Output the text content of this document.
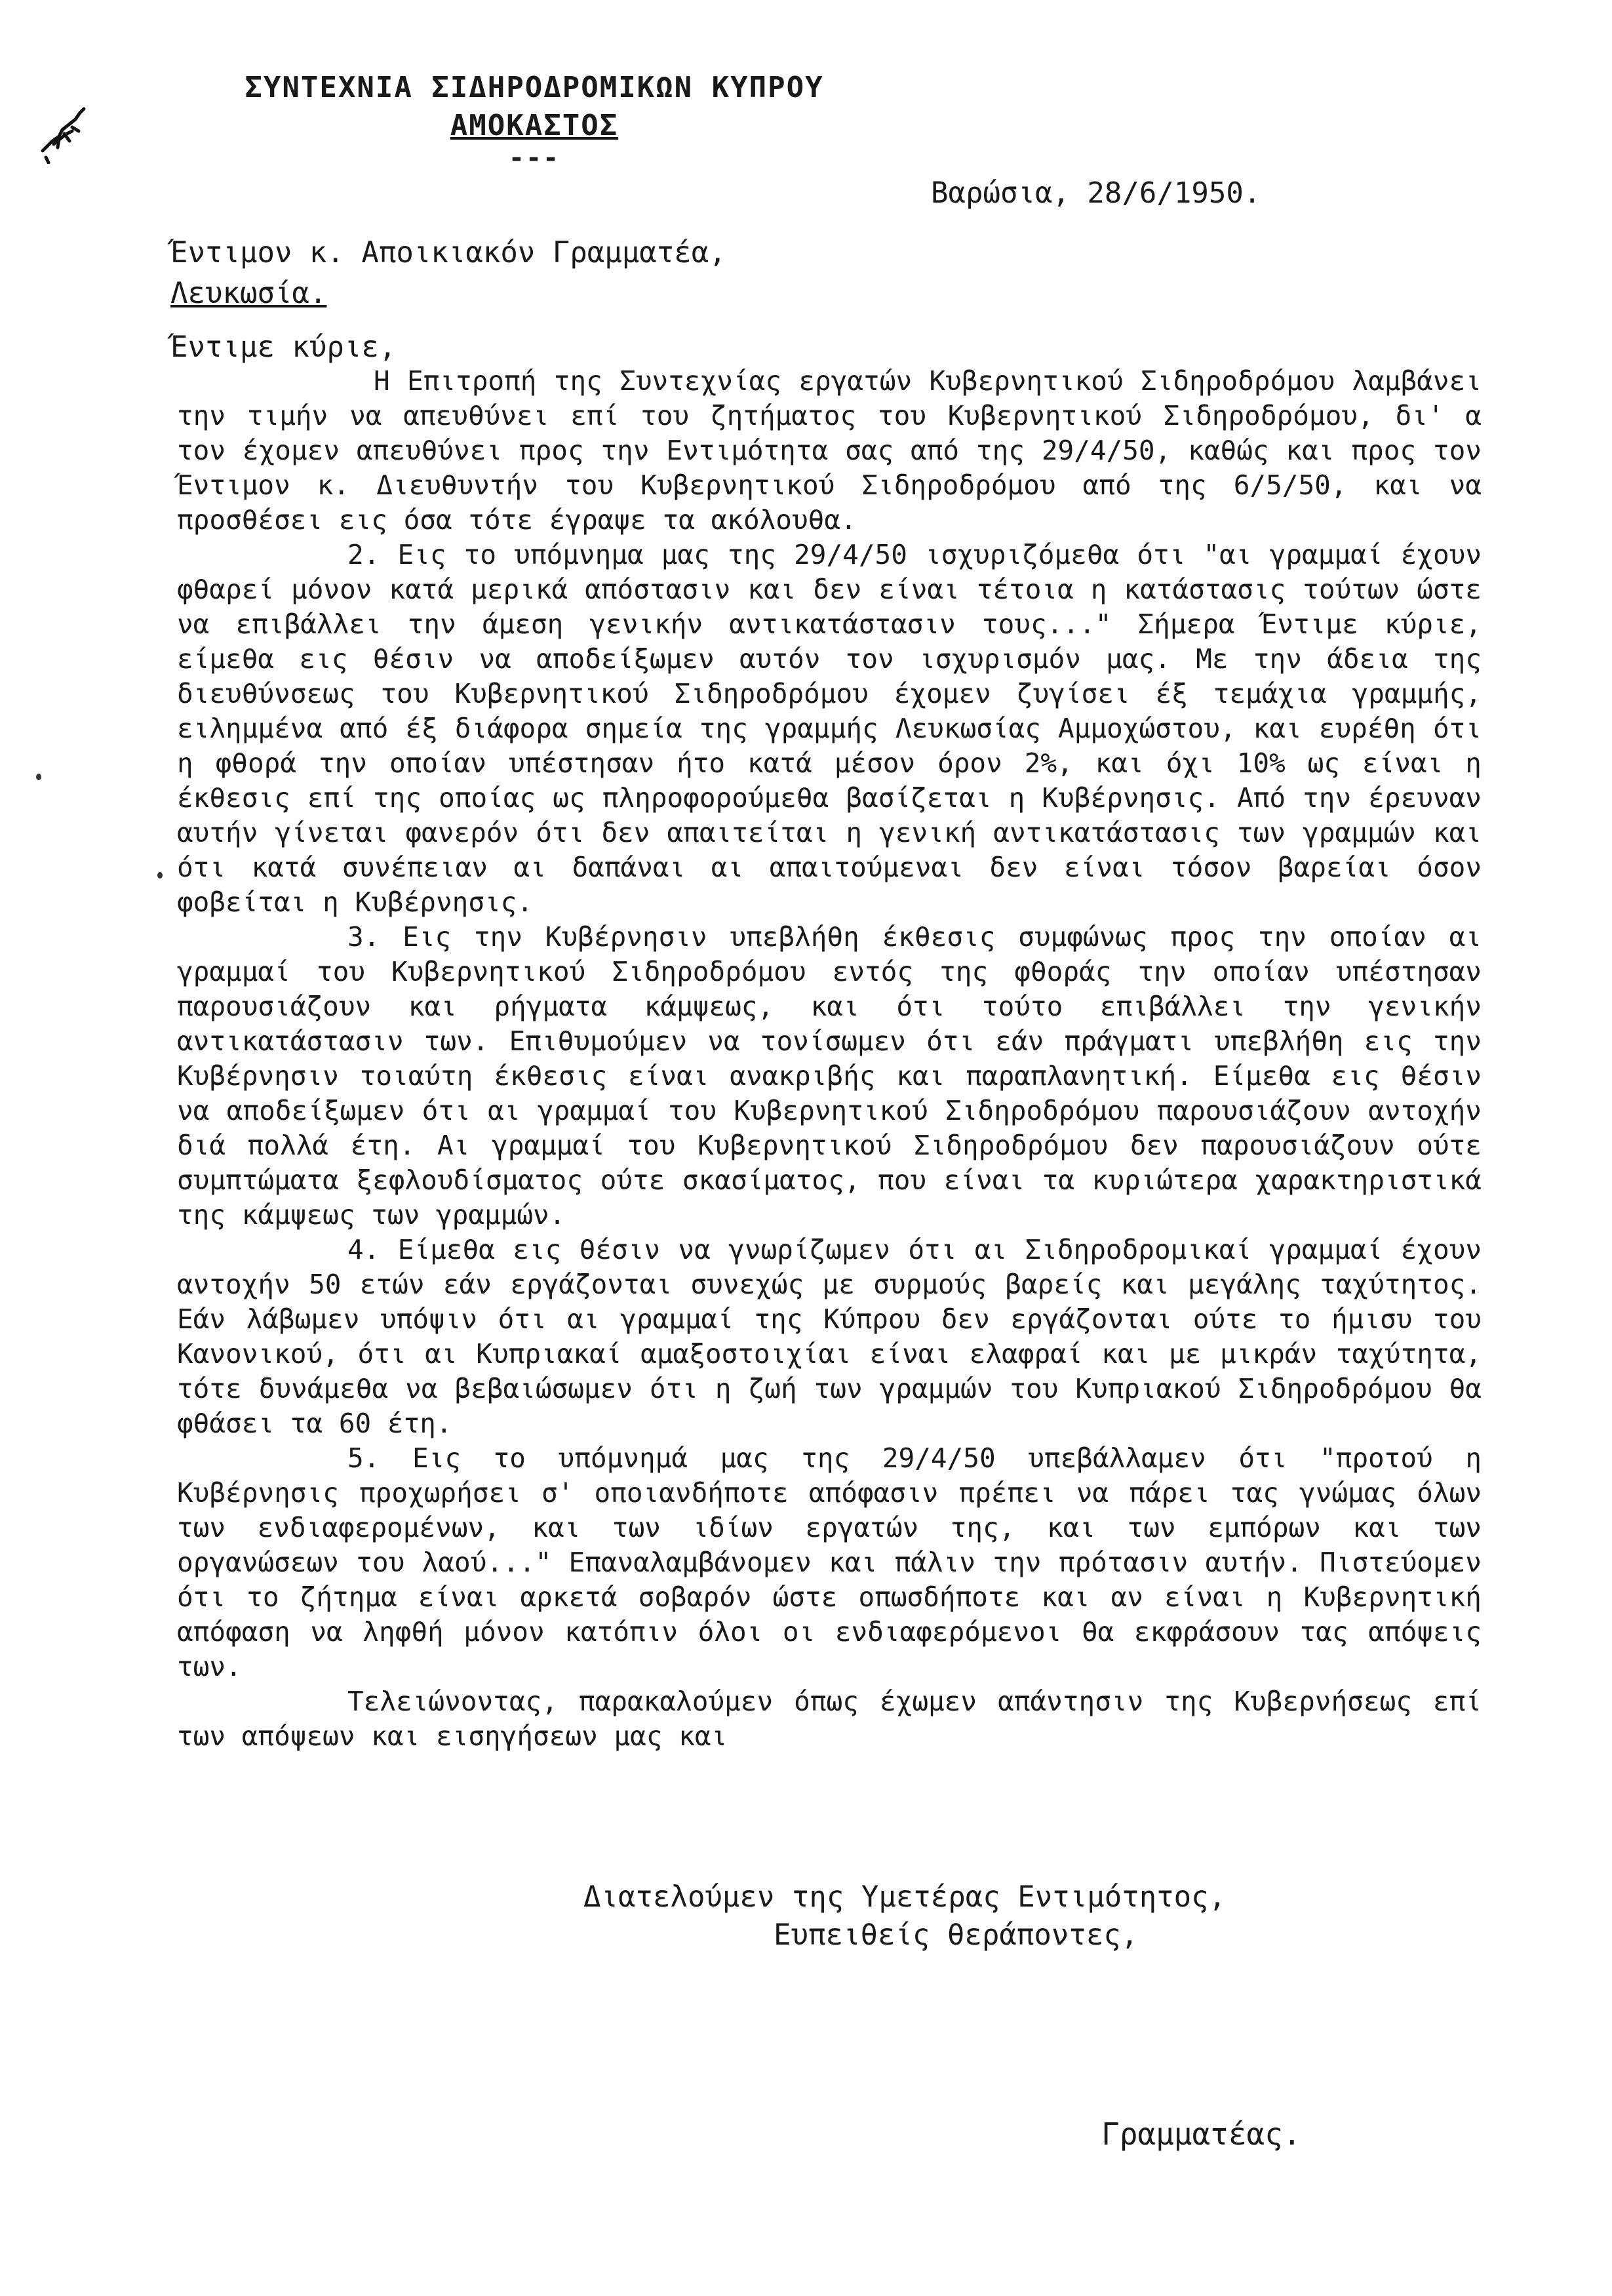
ΣΥΝΤΕΧΝΙΑ ΣΙΔΗΡΟΔΡΟΜΙΚΩΝ ΚΥΠΡΟΥ
ΑΜΟΚΑΣΤΟΣ
---
Βαρώσια, 28/6/1950.
Έντιμον κ. Αποικιακόν Γραμματέα,
Λευκωσία.
Έντιμε κύριε,

Η Επιτροπή της Συντεχνίας εργατών Κυβερνητικού Σιδηροδρόμου λαμβάνει την τιμήν να απευθύνει επί του ζητήματος του Κυβερνητικού Σιδηροδρόμου, δι' α τον έχομεν απευθύνει προς την Εντιμότητα σας από της 29/4/50, καθώς και προς τον Έντιμον κ. Διευθυντήν του Κυβερνητικού Σιδηροδρόμου από της 6/5/50, και να προσθέσει εις όσα τότε έγραψε τα ακόλουθα.

2. Εις το υπόμνημα μας της 29/4/50 ισχυριζόμεθα ότι "αι γραμμαί έχουν φθαρεί μόνον κατά μερικά απόστασιν και δεν είναι τέτοια η κατάστασις τούτων ώστε να επιβάλλει την άμεση γενικήν αντικατάστασιν τους..." Σήμερα Έντιμε κύριε, είμεθα εις θέσιν να αποδείξωμεν αυτόν τον ισχυρισμόν μας. Με την άδεια της διευθύνσεως του Κυβερνητικού Σιδηροδρόμου έχομεν ζυγίσει έξ τεμάχια γραμμής, ειλημμένα από έξ διάφορα σημεία της γραμμής Λευκωσίας Αμμοχώστου, και ευρέθη ότι η φθορά την οποίαν υπέστησαν ήτο κατά μέσον όρον 2%, και όχι 10% ως είναι η έκθεσις επί της οποίας ως πληροφορούμεθα βασίζεται η Κυβέρνησις. Από την έρευναν αυτήν γίνεται φανερόν ότι δεν απαιτείται η γενική αντικατάστασις των γραμμών και ότι κατά συνέπειαν αι δαπάναι αι απαιτούμεναι δεν είναι τόσον βαρείαι όσον φοβείται η Κυβέρνησις.

3. Εις την Κυβέρνησιν υπεβλήθη έκθεσις συμφώνως προς την οποίαν αι γραμμαί του Κυβερνητικού Σιδηροδρόμου εντός της φθοράς την οποίαν υπέστησαν παρουσιάζουν και ρήγματα κάμψεως, και ότι τούτο επιβάλλει την γενικήν αντικατάστασιν των. Επιθυμούμεν να τονίσωμεν ότι εάν πράγματι υπεβλήθη εις την Κυβέρνησιν τοιαύτη έκθεσις είναι ανακριβής και παραπλανητική. Είμεθα εις θέσιν να αποδείξωμεν ότι αι γραμμαί του Κυβερνητικού Σιδηροδρόμου παρουσιάζουν αντοχήν διά πολλά έτη. Αι γραμμαί του Κυβερνητικού Σιδηροδρόμου δεν παρουσιάζουν ούτε συμπτώματα ξεφλουδίσματος ούτε σκασίματος, που είναι τα κυριώτερα χαρακτηριστικά της κάμψεως των γραμμών.

4. Είμεθα εις θέσιν να γνωρίζωμεν ότι αι Σιδηροδρομικαί γραμμαί έχουν αντοχήν 50 ετών εάν εργάζονται συνεχώς με συρμούς βαρείς και μεγάλης ταχύτητος. Εάν λάβωμεν υπόψιν ότι αι γραμμαί της Κύπρου δεν εργάζονται ούτε το ήμισυ του Κανονικού, ότι αι Κυπριακαί αμαξοστοιχίαι είναι ελαφραί και με μικράν ταχύτητα, τότε δυνάμεθα να βεβαιώσωμεν ότι η ζωή των γραμμών του Κυπριακού Σιδηροδρόμου θα φθάσει τα 60 έτη.

5. Εις το υπόμνημά μας της 29/4/50 υπεβάλλαμεν ότι "προτού η Κυβέρνησις προχωρήσει σ' οποιανδήποτε απόφασιν πρέπει να πάρει τας γνώμας όλων των ενδιαφερομένων, και των ιδίων εργατών της, και των εμπόρων και των οργανώσεων του λαού..." Επαναλαμβάνομεν και πάλιν την πρότασιν αυτήν. Πιστεύομεν ότι το ζήτημα είναι αρκετά σοβαρόν ώστε οπωσδήποτε και αν είναι η Κυβερνητική απόφαση να ληφθή μόνον κατόπιν όλοι οι ενδιαφερόμενοι θα εκφράσουν τας απόψεις των.

Τελειώνοντας, παρακαλούμεν όπως έχωμεν απάντησιν της Κυβερνήσεως επί των απόψεων και εισηγήσεων μας και

Διατελούμεν της Υμετέρας Εντιμότητος,
Ευπειθείς θεράποντες,
Γραμματέας.
